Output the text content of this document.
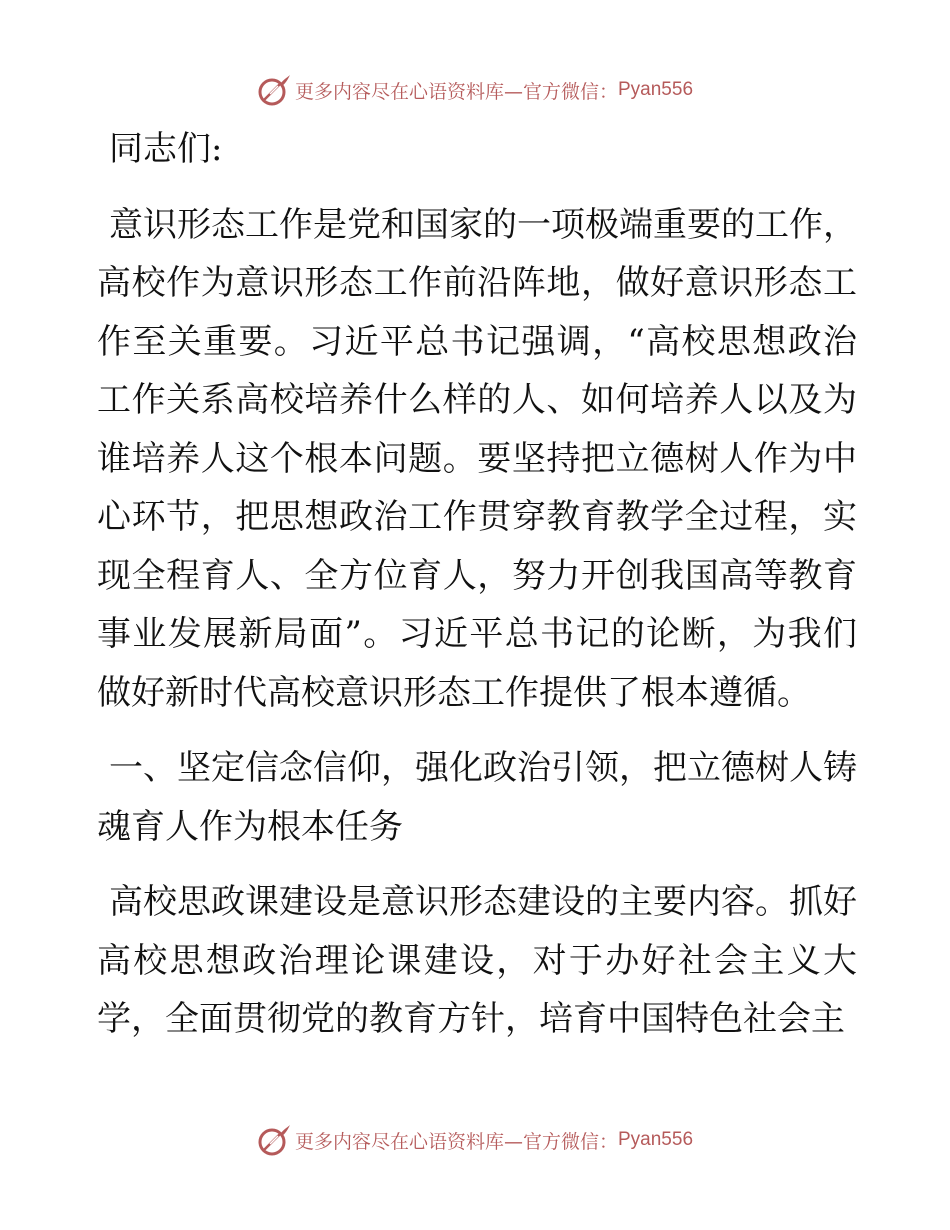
更多内容尽在心语资料库—官方微信： Pyan556

同志们:

意识形态工作是党和国家的一项极端重要的工作，高校作为意识形态工作前沿阵地，做好意识形态工作至关重要。习近平总书记强调，“高校思想政治工作关系高校培养什么样的人、如何培养人以及为谁培养人这个根本问题。要坚持把立德树人作为中心环节，把思想政治工作贯穿教育教学全过程，实现全程育人、全方位育人，努力开创我国高等教育事业发展新局面”。习近平总书记的论断，为我们做好新时代高校意识形态工作提供了根本遵循。

一、坚定信念信仰，强化政治引领，把立德树人铸魂育人作为根本任务

高校思政课建设是意识形态建设的主要内容。抓好高校思想政治理论课建设，对于办好社会主义大学，全面贯彻党的教育方针，培育中国特色社会主

更多内容尽在心语资料库—官方微信： Pyan556
